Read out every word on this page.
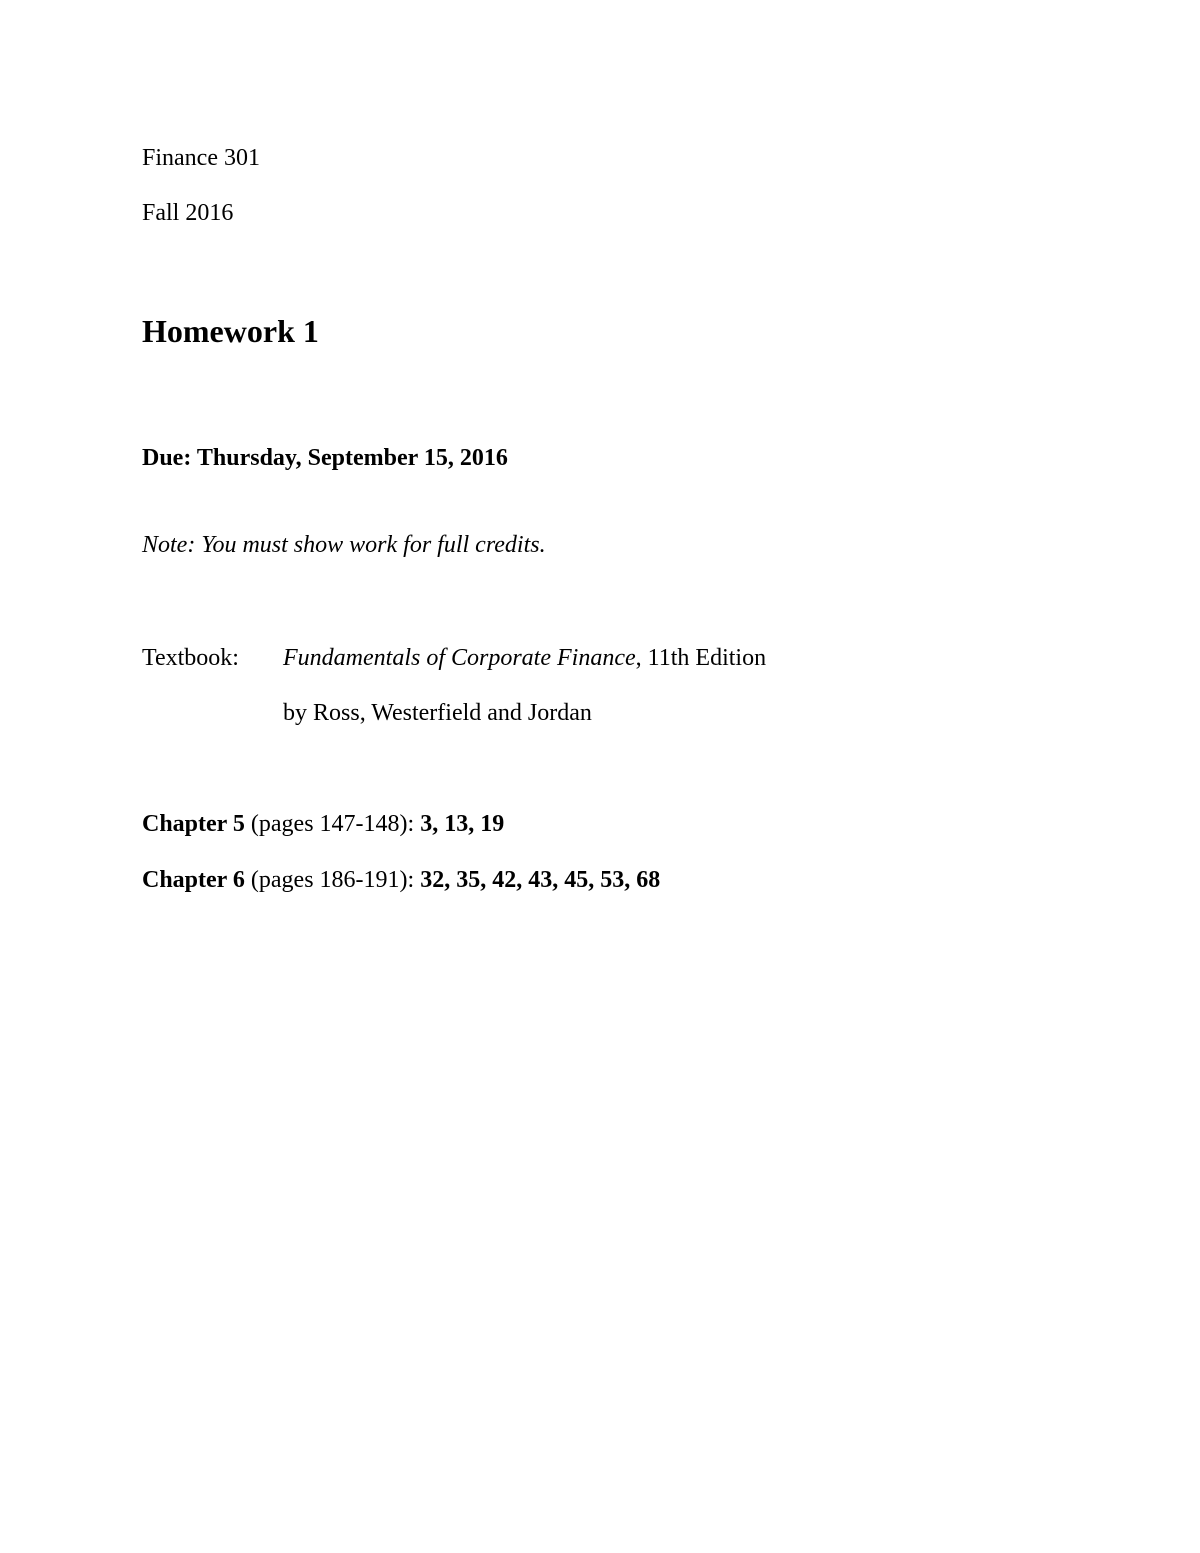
Finance 301
Fall 2016
Homework 1
Due: Thursday, September 15, 2016
Note: You must show work for full credits.
Textbook: Fundamentals of Corporate Finance, 11th Edition
by Ross, Westerfield and Jordan
Chapter 5 (pages 147-148): 3, 13, 19
Chapter 6 (pages 186-191): 32, 35, 42, 43, 45, 53, 68
